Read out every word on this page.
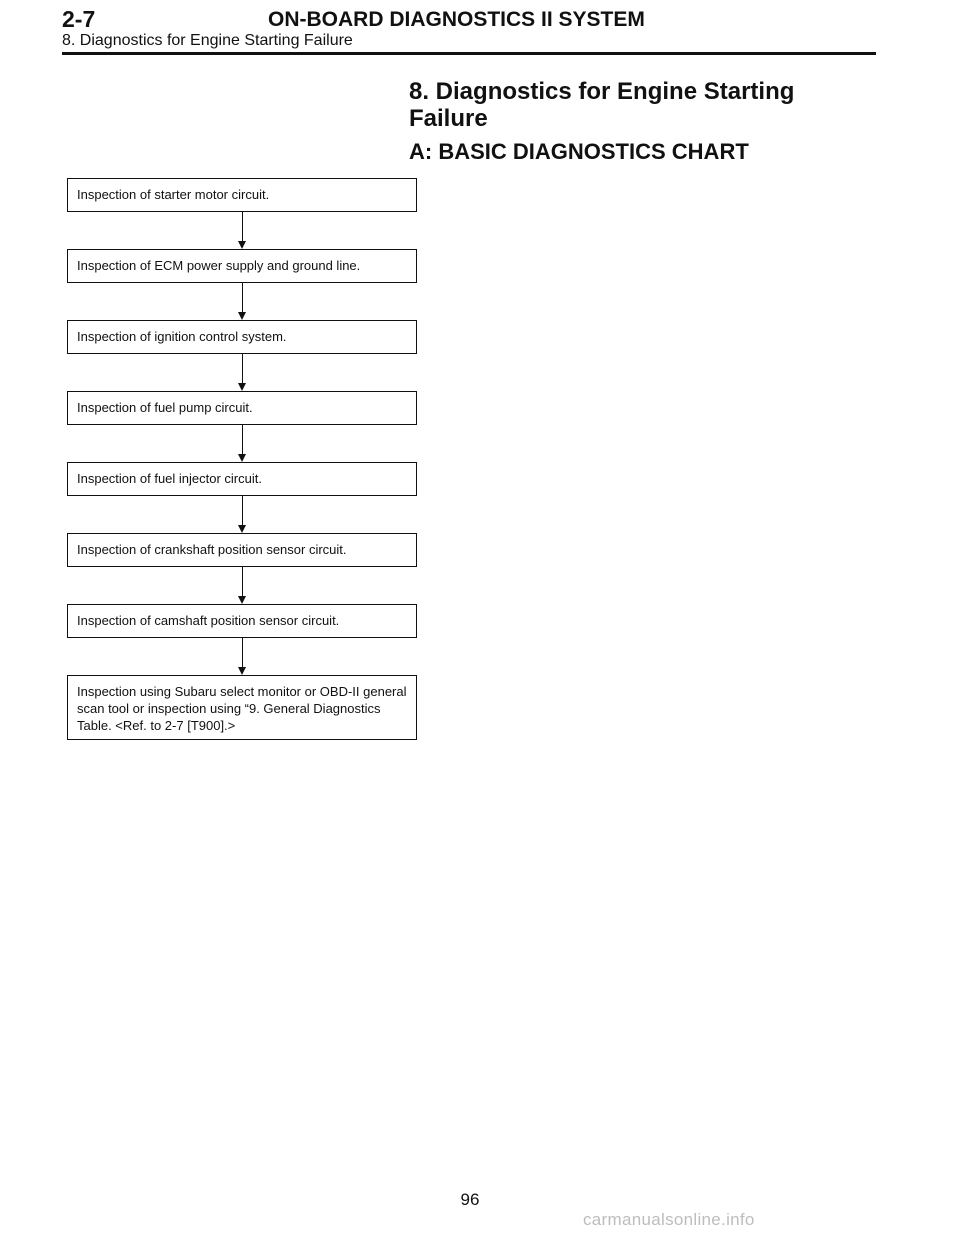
2-7	ON-BOARD DIAGNOSTICS II SYSTEM
8. Diagnostics for Engine Starting Failure
8. Diagnostics for Engine Starting Failure
A: BASIC DIAGNOSTICS CHART
Inspection of starter motor circuit.
Inspection of ECM power supply and ground line.
Inspection of ignition control system.
Inspection of fuel pump circuit.
Inspection of fuel injector circuit.
Inspection of crankshaft position sensor circuit.
Inspection of camshaft position sensor circuit.
Inspection using Subaru select monitor or OBD-II general scan tool or inspection using “9. General Diagnostics Table. <Ref. to 2-7 [T900].>
96
carmanualsonline.info
